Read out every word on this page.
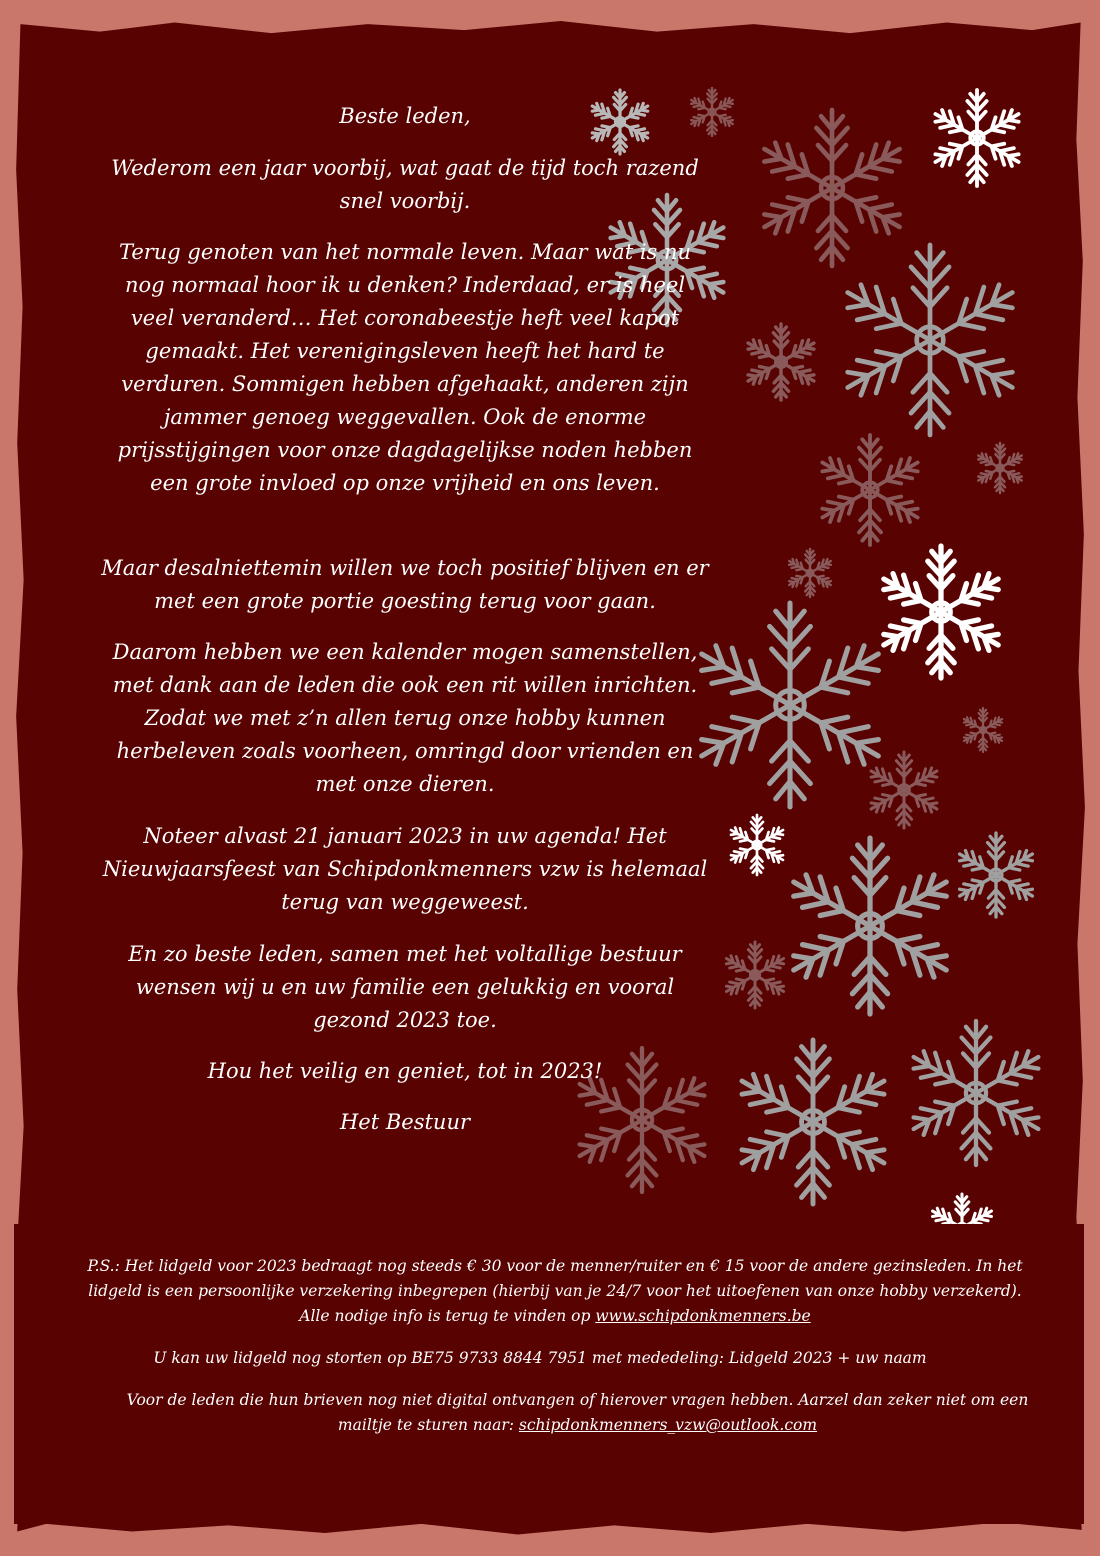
Beste leden,

Wederom een jaar voorbij, wat gaat de tijd toch razend snel voorbij.

Terug genoten van het normale leven. Maar wat is nu nog normaal hoor ik u denken? Inderdaad, er is heel veel veranderd… Het coronabeestje heft veel kapot gemaakt. Het verenigingsleven heeft het hard te verduren. Sommigen hebben afgehaakt, anderen zijn jammer genoeg weggevallen. Ook de enorme prijsstijgingen voor onze dagdagelijkse noden hebben een grote invloed op onze vrijheid en ons leven.

Maar desalniettemin willen we toch positief blijven en er met een grote portie goesting terug voor gaan.

Daarom hebben we een kalender mogen samenstellen, met dank aan de leden die ook een rit willen inrichten. Zodat we met z’n allen terug onze hobby kunnen herbeleven zoals voorheen, omringd door vrienden en met onze dieren.

Noteer alvast 21 januari 2023 in uw agenda! Het Nieuwjaarsfeest van Schipdonkmenners vzw is helemaal terug van weggeweest.

En zo beste leden, samen met het voltallige bestuur wensen wij u en uw familie een gelukkig en vooral gezond 2023 toe.

Hou het veilig en geniet, tot in 2023!

Het Bestuur

P.S.: Het lidgeld voor 2023 bedraagt nog steeds € 30 voor de menner/ruiter en € 15 voor de andere gezinsleden. In het lidgeld is een persoonlijke verzekering inbegrepen (hierbij van je 24/7 voor het uitoefenen van onze hobby verzekerd). Alle nodige info is terug te vinden op www.schipdonkmenners.be

U kan uw lidgeld nog storten op BE75 9733 8844 7951 met mededeling: Lidgeld 2023 + uw naam

Voor de leden die hun brieven nog niet digital ontvangen of hierover vragen hebben. Aarzel dan zeker niet om een mailtje te sturen naar: schipdonkmenners_vzw@outlook.com
